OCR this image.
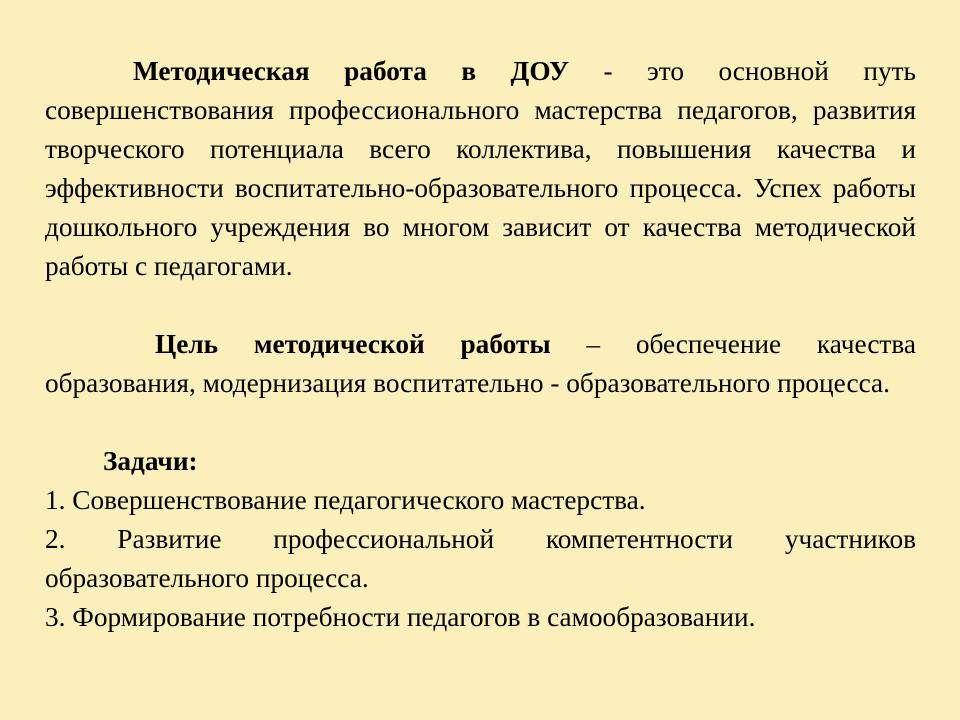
Методическая работа в ДОУ - это основной путь совершенствования профессионального мастерства педагогов, развития творческого потенциала всего коллектива, повышения качества и эффективности воспитательно-образовательного процесса. Успех работы дошкольного учреждения во многом зависит от качества методической работы с педагогами.

Цель методической работы – обеспечение качества образования, модернизация воспитательно - образовательного процесса.

Задачи:

1. Совершенствование педагогического мастерства.

2. Развитие профессиональной компетентности участников образовательного процесса.

3. Формирование потребности педагогов в самообразовании.
